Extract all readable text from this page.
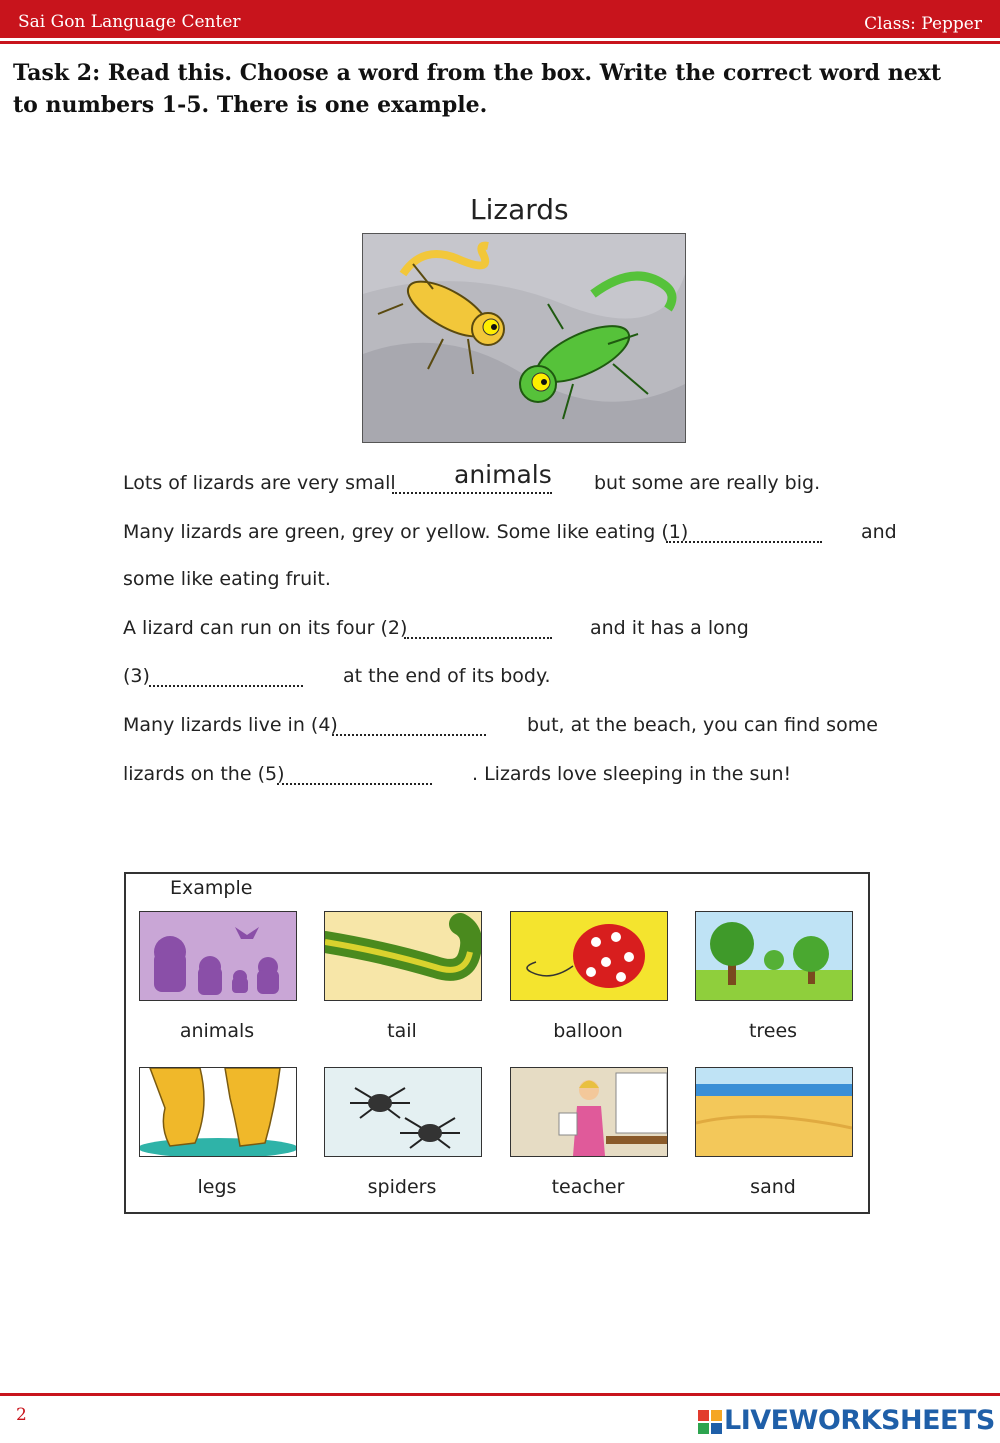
Sai Gon Language Center	Class: Pepper
Task 2: Read this. Choose a word from the box. Write the correct word next to numbers 1-5. There is one example.
Lizards
Lots of lizards are very small animals but some are really big.
Many lizards are green, grey or yellow. Some like eating (1)	and
some like eating fruit.
A lizard can run on its four (2)	and it has a long
(3)	at the end of its body.
Many lizards live in (4)	but, at the beach, you can find some
lizards on the (5)	. Lizards love sleeping in the sun!
Example
animals	tail	balloon	trees
legs	spiders	teacher	sand
2	LIVEWORKSHEETS
